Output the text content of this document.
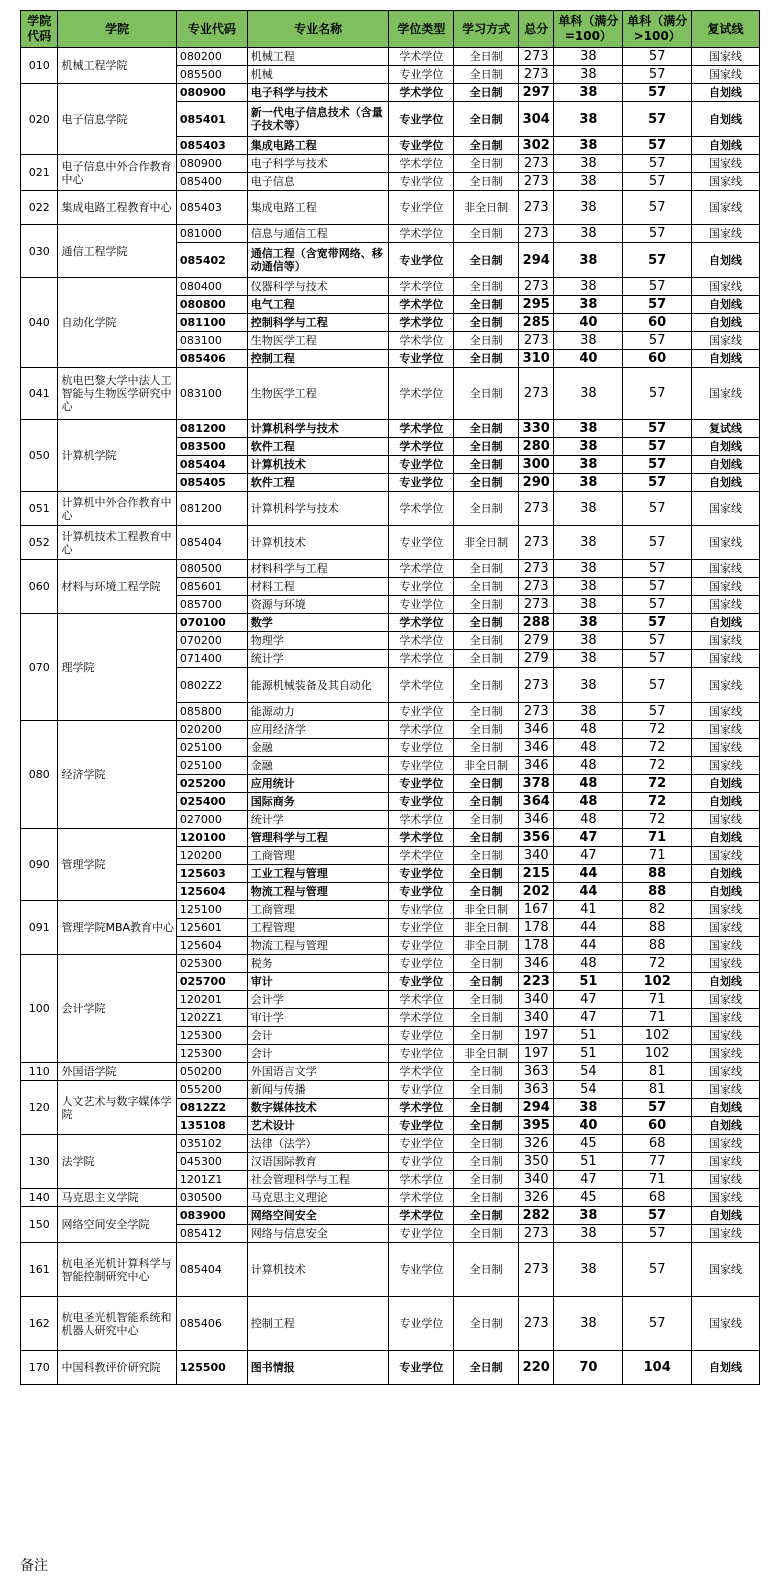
学院代码	学院	专业代码	专业名称	学位类型	学习方式	总分	单科（满分=100）	单科（满分>100）	复试线
010	机械工程学院	080200	机械工程	学术学位	全日制	273	38	57	国家线
		085500	机械	专业学位	全日制	273	38	57	国家线
020	电子信息学院	080900	电子科学与技术	学术学位	全日制	297	38	57	自划线
		085401	新一代电子信息技术（含量子技术等）	专业学位	全日制	304	38	57	自划线
		085403	集成电路工程	专业学位	全日制	302	38	57	自划线
021	电子信息中外合作教育中心	080900	电子科学与技术	学术学位	全日制	273	38	57	国家线
		085400	电子信息	专业学位	全日制	273	38	57	国家线
022	集成电路工程教育中心	085403	集成电路工程	专业学位	非全日制	273	38	57	国家线
030	通信工程学院	081000	信息与通信工程	学术学位	全日制	273	38	57	国家线
		085402	通信工程（含宽带网络、移动通信等）	专业学位	全日制	294	38	57	自划线
040	自动化学院	080400	仪器科学与技术	学术学位	全日制	273	38	57	国家线
		080800	电气工程	学术学位	全日制	295	38	57	自划线
		081100	控制科学与工程	学术学位	全日制	285	40	60	自划线
		083100	生物医学工程	学术学位	全日制	273	38	57	国家线
		085406	控制工程	专业学位	全日制	310	40	60	自划线
041	杭电巴黎大学中法人工智能与生物医学研究中心	083100	生物医学工程	学术学位	全日制	273	38	57	国家线
050	计算机学院	081200	计算机科学与技术	学术学位	全日制	330	38	57	复试线
		083500	软件工程	学术学位	全日制	280	38	57	自划线
		085404	计算机技术	专业学位	全日制	300	38	57	自划线
		085405	软件工程	专业学位	全日制	290	38	57	自划线
051	计算机中外合作教育中心	081200	计算机科学与技术	学术学位	全日制	273	38	57	国家线
052	计算机技术工程教育中心	085404	计算机技术	专业学位	非全日制	273	38	57	国家线
060	材料与环境工程学院	080500	材料科学与工程	学术学位	全日制	273	38	57	国家线
		085601	材料工程	专业学位	全日制	273	38	57	国家线
		085700	资源与环境	专业学位	全日制	273	38	57	国家线
070	理学院	070100	数学	学术学位	全日制	288	38	57	自划线
		070200	物理学	学术学位	全日制	279	38	57	国家线
		071400	统计学	学术学位	全日制	279	38	57	国家线
		0802Z2	能源机械装备及其自动化	学术学位	全日制	273	38	57	国家线
		085800	能源动力	专业学位	全日制	273	38	57	国家线
080	经济学院	020200	应用经济学	学术学位	全日制	346	48	72	国家线
		025100	金融	专业学位	全日制	346	48	72	国家线
		025100	金融	专业学位	非全日制	346	48	72	国家线
		025200	应用统计	专业学位	全日制	378	48	72	自划线
		025400	国际商务	专业学位	全日制	364	48	72	自划线
		027000	统计学	学术学位	全日制	346	48	72	国家线
090	管理学院	120100	管理科学与工程	学术学位	全日制	356	47	71	自划线
		120200	工商管理	学术学位	全日制	340	47	71	国家线
		125603	工业工程与管理	专业学位	全日制	215	44	88	自划线
		125604	物流工程与管理	专业学位	全日制	202	44	88	自划线
091	管理学院MBA教育中心	125100	工商管理	专业学位	非全日制	167	41	82	国家线
		125601	工程管理	专业学位	非全日制	178	44	88	国家线
		125604	物流工程与管理	专业学位	非全日制	178	44	88	国家线
100	会计学院	025300	税务	专业学位	全日制	346	48	72	国家线
		025700	审计	专业学位	全日制	223	51	102	自划线
		120201	会计学	学术学位	全日制	340	47	71	国家线
		1202Z1	审计学	学术学位	全日制	340	47	71	国家线
		125300	会计	专业学位	全日制	197	51	102	国家线
		125300	会计	专业学位	非全日制	197	51	102	国家线
110	外国语学院	050200	外国语言文学	学术学位	全日制	363	54	81	国家线
120	人文艺术与数字媒体学院	055200	新闻与传播	专业学位	全日制	363	54	81	国家线
		0812Z2	数字媒体技术	学术学位	全日制	294	38	57	自划线
		135108	艺术设计	专业学位	全日制	395	40	60	自划线
130	法学院	035102	法律（法学）	专业学位	全日制	326	45	68	国家线
		045300	汉语国际教育	专业学位	全日制	350	51	77	国家线
		1201Z1	社会管理科学与工程	学术学位	全日制	340	47	71	国家线
140	马克思主义学院	030500	马克思主义理论	学术学位	全日制	326	45	68	国家线
150	网络空间安全学院	083900	网络空间安全	学术学位	全日制	282	38	57	自划线
		085412	网络与信息安全	专业学位	全日制	273	38	57	国家线
161	杭电圣光机计算科学与智能控制研究中心	085404	计算机技术	专业学位	全日制	273	38	57	国家线
162	杭电圣光机智能系统和机器人研究中心	085406	控制工程	专业学位	全日制	273	38	57	国家线
170	中国科教评价研究院	125500	图书情报	专业学位	全日制	220	70	104	自划线
备注
